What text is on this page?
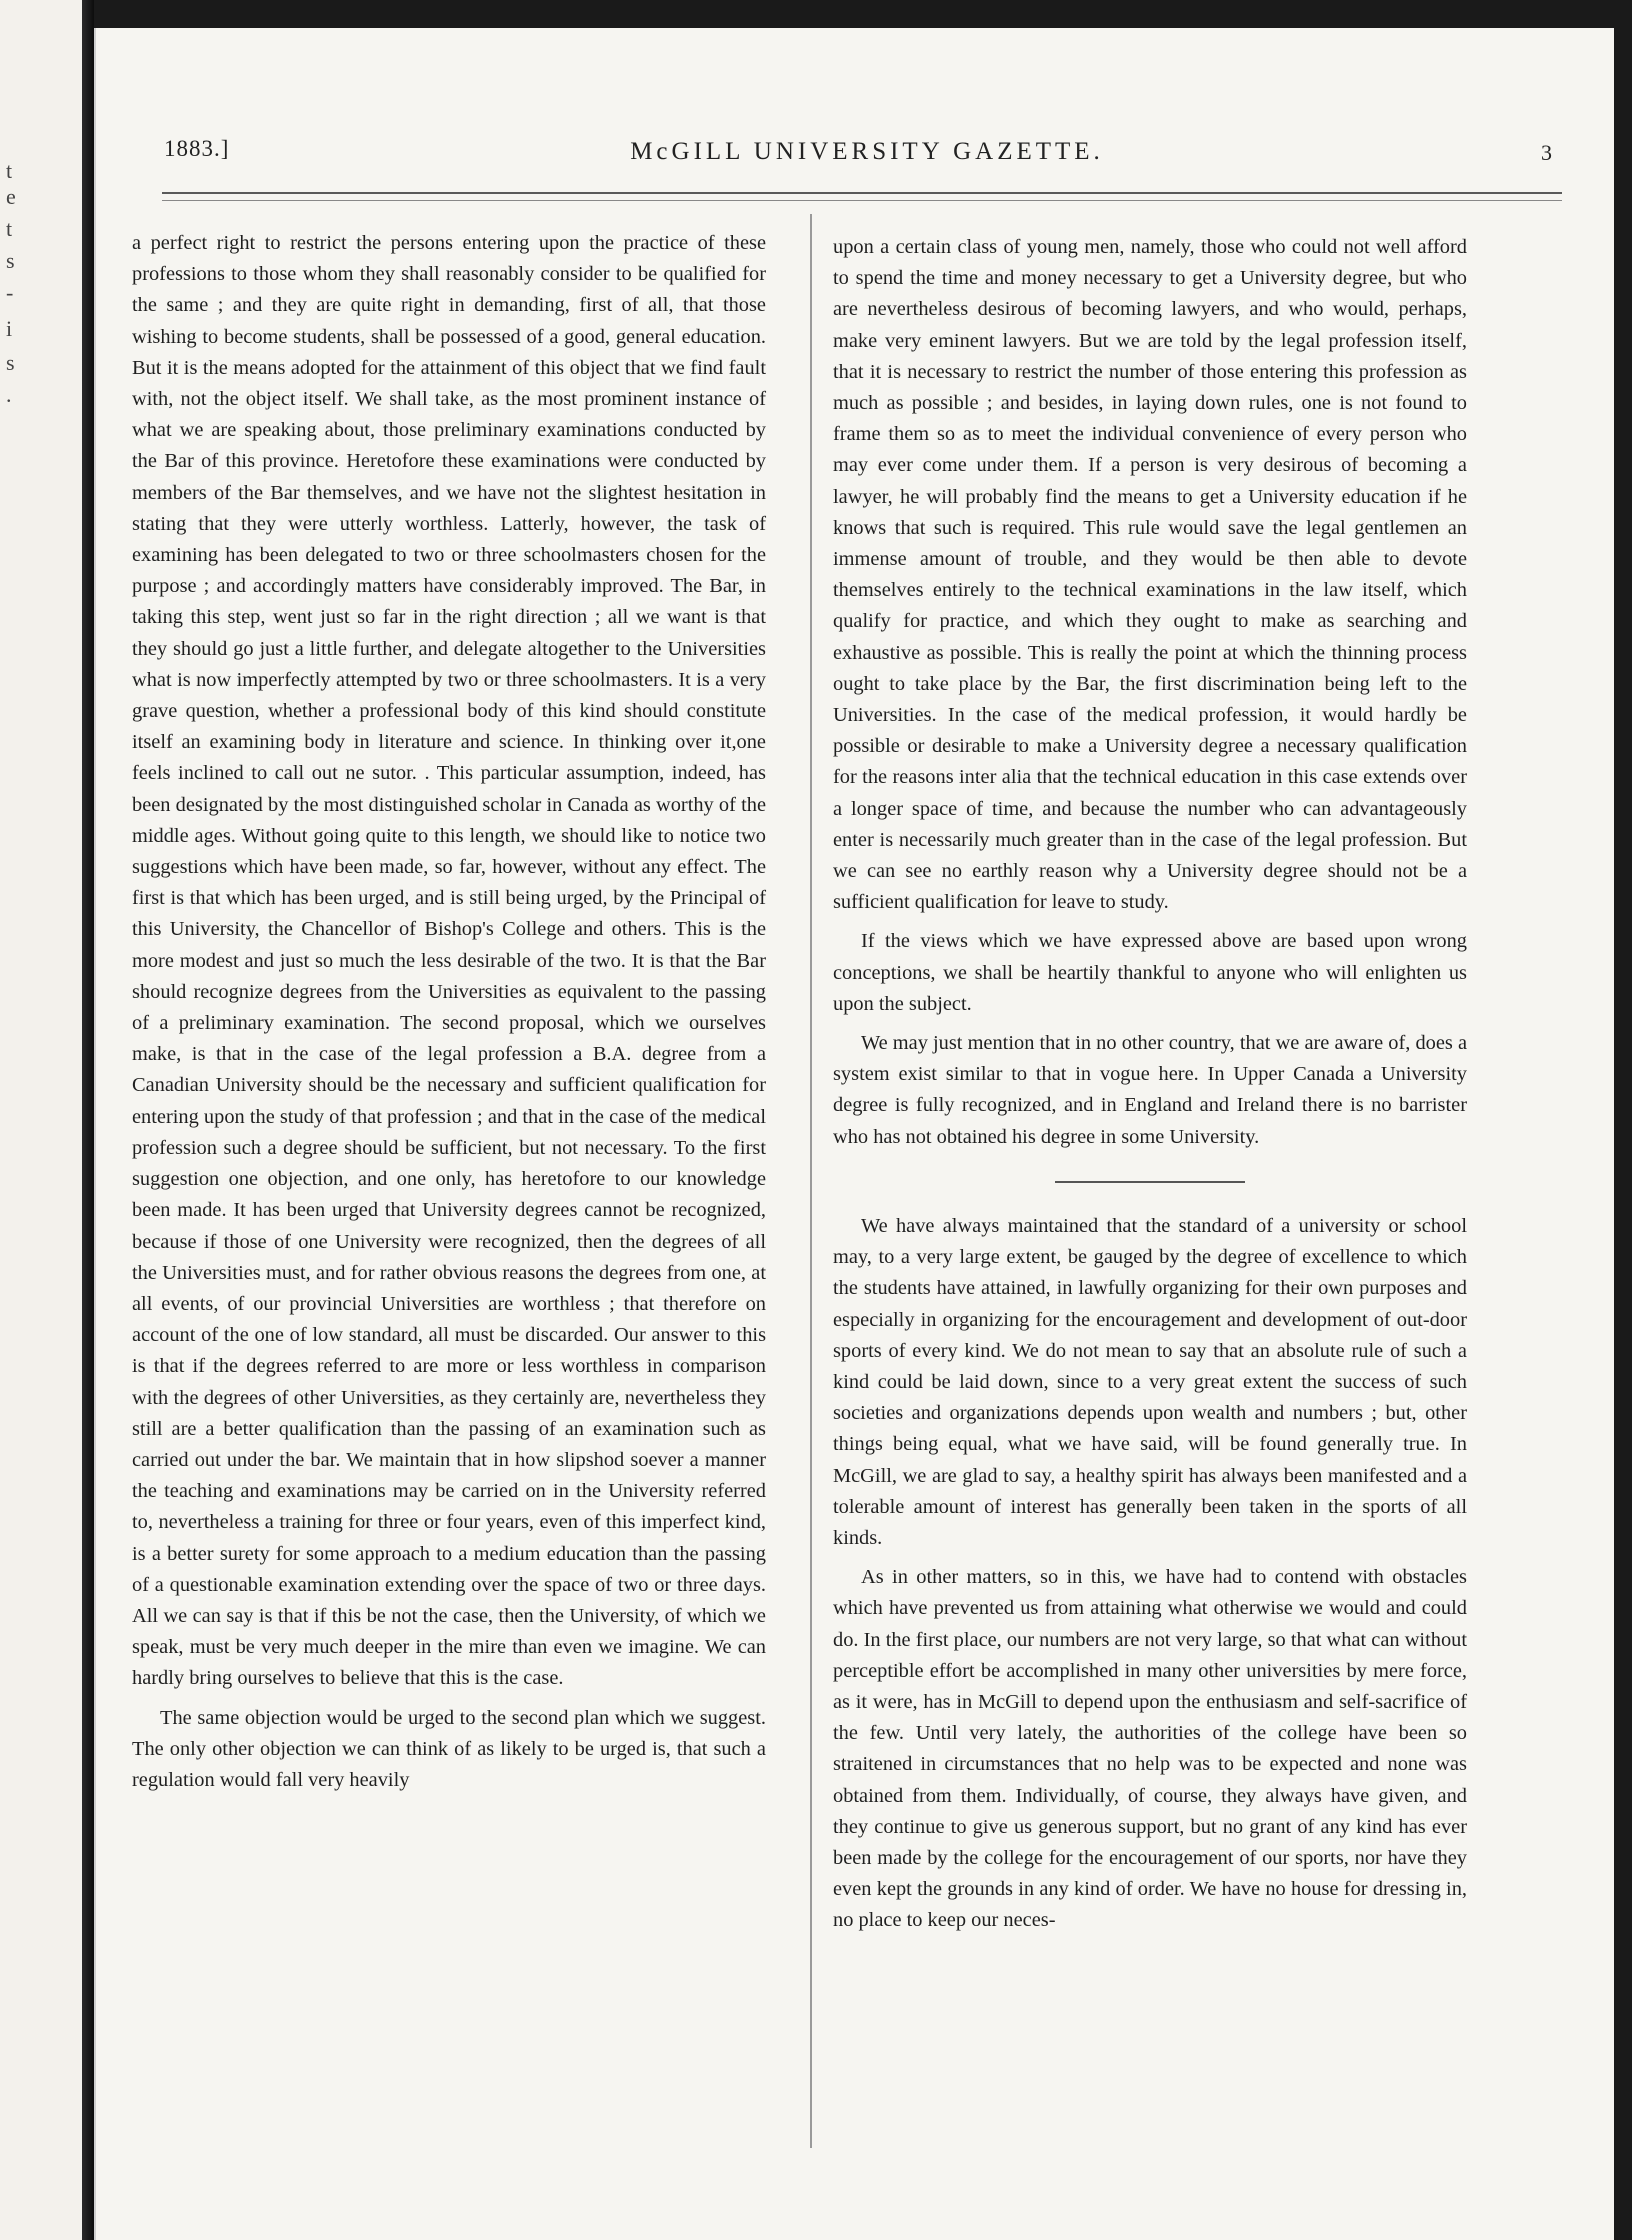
t
e
t
s
-
i
s
.
1883.]	McGILL UNIVERSITY GAZETTE.	3

a perfect right to restrict the persons entering upon the practice of these professions to those whom they shall reasonably consider to be qualified for the same ; and they are quite right in demanding, first of all, that those wishing to become students, shall be possessed of a good, general education. But it is the means adopted for the attainment of this object that we find fault with, not the object itself. We shall take, as the most prominent instance of what we are speaking about, those preliminary examinations conducted by the Bar of this province. Heretofore these examinations were conducted by members of the Bar themselves, and we have not the slightest hesitation in stating that they were utterly worthless. Latterly, however, the task of examining has been delegated to two or three schoolmasters chosen for the purpose ; and accordingly matters have considerably improved. The Bar, in taking this step, went just so far in the right direction ; all we want is that they should go just a little further, and delegate altogether to the Universities what is now imperfectly attempted by two or three schoolmasters. It is a very grave question, whether a professional body of this kind should constitute itself an examining body in literature and science. In thinking over it,one feels inclined to call out ne sutor. . This particular assumption, indeed, has been designated by the most distinguished scholar in Canada as worthy of the middle ages. Without going quite to this length, we should like to notice two suggestions which have been made, so far, however, without any effect. The first is that which has been urged, and is still being urged, by the Principal of this University, the Chancellor of Bishop's College and others. This is the more modest and just so much the less desirable of the two. It is that the Bar should recognize degrees from the Universities as equivalent to the passing of a preliminary examination. The second proposal, which we ourselves make, is that in the case of the legal profession a B.A. degree from a Canadian University should be the necessary and sufficient qualification for entering upon the study of that profession ; and that in the case of the medical profession such a degree should be sufficient, but not necessary. To the first suggestion one objection, and one only, has heretofore to our knowledge been made. It has been urged that University degrees cannot be recognized, because if those of one University were recognized, then the degrees of all the Universities must, and for rather obvious reasons the degrees from one, at all events, of our provincial Universities are worthless ; that therefore on account of the one of low standard, all must be discarded. Our answer to this is that if the degrees referred to are more or less worthless in comparison with the degrees of other Universities, as they certainly are, nevertheless they still are a better qualification than the passing of an examination such as carried out under the bar. We maintain that in how slipshod soever a manner the teaching and examinations may be carried on in the University referred to, nevertheless a training for three or four years, even of this imperfect kind, is a better surety for some approach to a medium education than the passing of a questionable examination extending over the space of two or three days. All we can say is that if this be not the case, then the University, of which we speak, must be very much deeper in the mire than even we imagine. We can hardly bring ourselves to believe that this is the case.

The same objection would be urged to the second plan which we suggest. The only other objection we can think of as likely to be urged is, that such a regulation would fall very heavily

upon a certain class of young men, namely, those who could not well afford to spend the time and money necessary to get a University degree, but who are nevertheless desirous of becoming lawyers, and who would, perhaps, make very eminent lawyers. But we are told by the legal profession itself, that it is necessary to restrict the number of those entering this profession as much as possible ; and besides, in laying down rules, one is not found to frame them so as to meet the individual convenience of every person who may ever come under them. If a person is very desirous of becoming a lawyer, he will probably find the means to get a University education if he knows that such is required. This rule would save the legal gentlemen an immense amount of trouble, and they would be then able to devote themselves entirely to the technical examinations in the law itself, which qualify for practice, and which they ought to make as searching and exhaustive as possible. This is really the point at which the thinning process ought to take place by the Bar, the first discrimination being left to the Universities. In the case of the medical profession, it would hardly be possible or desirable to make a University degree a necessary qualification for the reasons inter alia that the technical education in this case extends over a longer space of time, and because the number who can advantageously enter is necessarily much greater than in the case of the legal profession. But we can see no earthly reason why a University degree should not be a sufficient qualification for leave to study.

If the views which we have expressed above are based upon wrong conceptions, we shall be heartily thankful to anyone who will enlighten us upon the subject.

We may just mention that in no other country, that we are aware of, does a system exist similar to that in vogue here. In Upper Canada a University degree is fully recognized, and in England and Ireland there is no barrister who has not obtained his degree in some University.

We have always maintained that the standard of a university or school may, to a very large extent, be gauged by the degree of excellence to which the students have attained, in lawfully organizing for their own purposes and especially in organizing for the encouragement and development of out-door sports of every kind. We do not mean to say that an absolute rule of such a kind could be laid down, since to a very great extent the success of such societies and organizations depends upon wealth and numbers ; but, other things being equal, what we have said, will be found generally true. In McGill, we are glad to say, a healthy spirit has always been manifested and a tolerable amount of interest has generally been taken in the sports of all kinds.

As in other matters, so in this, we have had to contend with obstacles which have prevented us from attaining what otherwise we would and could do. In the first place, our numbers are not very large, so that what can without perceptible effort be accomplished in many other universities by mere force, as it were, has in McGill to depend upon the enthusiasm and self-sacrifice of the few. Until very lately, the authorities of the college have been so straitened in circumstances that no help was to be expected and none was obtained from them. Individually, of course, they always have given, and they continue to give us generous support, but no grant of any kind has ever been made by the college for the encouragement of our sports, nor have they even kept the grounds in any kind of order. We have no house for dressing in, no place to keep our neces-
